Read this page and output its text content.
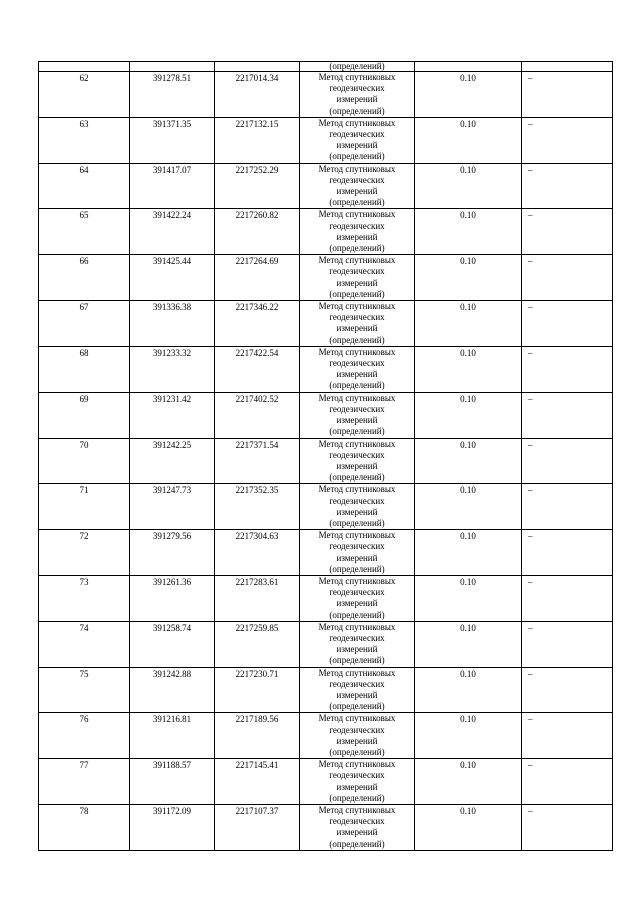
			(определений)		

62	391278.51	2217014.34	Метод спутниковых
геодезических
измерений
(определений)	0.10	–

63	391371.35	2217132.15	Метод спутниковых
геодезических
измерений
(определений)	0.10	–

64	391417.07	2217252.29	Метод спутниковых
геодезических
измерений
(определений)	0.10	–

65	391422.24	2217260.82	Метод спутниковых
геодезических
измерений
(определений)	0.10	–

66	391425.44	2217264.69	Метод спутниковых
геодезических
измерений
(определений)	0.10	–

67	391336.38	2217346.22	Метод спутниковых
геодезических
измерений
(определений)	0.10	–

68	391233.32	2217422.54	Метод спутниковых
геодезических
измерений
(определений)	0.10	–

69	391231.42	2217402.52	Метод спутниковых
геодезических
измерений
(определений)	0.10	–

70	391242.25	2217371.54	Метод спутниковых
геодезических
измерений
(определений)	0.10	–

71	391247.73	2217352.35	Метод спутниковых
геодезических
измерений
(определений)	0.10	–

72	391279.56	2217304.63	Метод спутниковых
геодезических
измерений
(определений)	0.10	–

73	391261.36	2217283.61	Метод спутниковых
геодезических
измерений
(определений)	0.10	–

74	391258.74	2217259.85	Метод спутниковых
геодезических
измерений
(определений)	0.10	–

75	391242.88	2217230.71	Метод спутниковых
геодезических
измерений
(определений)	0.10	–

76	391216.81	2217189.56	Метод спутниковых
геодезических
измерений
(определений)	0.10	–

77	391188.57	2217145.41	Метод спутниковых
геодезических
измерений
(определений)	0.10	–

78	391172.09	2217107.37	Метод спутниковых
геодезических
измерений
(определений)	0.10	–
